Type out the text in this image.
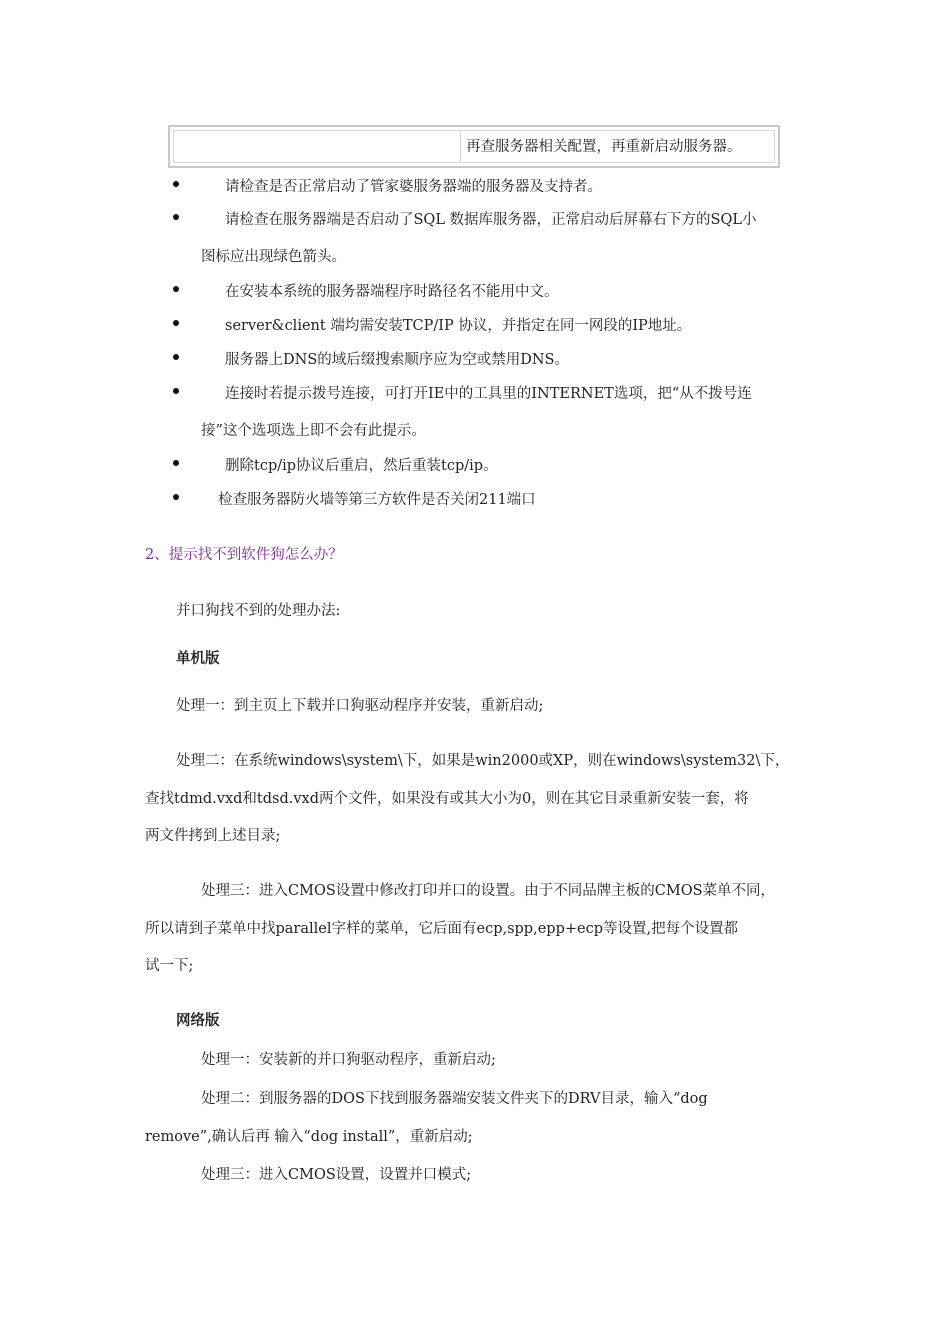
再查服务器相关配置，再重新启动服务器。
请检查是否正常启动了管家婆服务器端的服务器及支持者。
请检查在服务器端是否启动了SQL 数据库服务器，正常启动后屏幕右下方的SQL小
图标应出现绿色箭头。
在安装本系统的服务器端程序时路径名不能用中文。
server&client 端均需安装TCP/IP 协议，并指定在同一网段的IP地址。
服务器上DNS的域后缀搜索顺序应为空或禁用DNS。
连接时若提示拨号连接，可打开IE中的工具里的INTERNET选项，把“从不拨号连
接”这个选项选上即不会有此提示。
删除tcp/ip协议后重启，然后重装tcp/ip。
检查服务器防火墙等第三方软件是否关闭211端口
2、提示找不到软件狗怎么办？
并口狗找不到的处理办法:
单机版
处理一：到主页上下载并口狗驱动程序并安装，重新启动;
处理二：在系统windows\system\下，如果是win2000或XP，则在windows\system32\下，
查找tdmd.vxd和tdsd.vxd两个文件，如果没有或其大小为0，则在其它目录重新安装一套，将
两文件拷到上述目录;
处理三：进入CMOS设置中修改打印并口的设置。由于不同品牌主板的CMOS菜单不同，
所以请到子菜单中找parallel字样的菜单，它后面有ecp,spp,epp+ecp等设置,把每个设置都
试一下;
网络版
处理一：安装新的并口狗驱动程序，重新启动;
处理二：到服务器的DOS下找到服务器端安装文件夹下的DRV目录，输入“dog
remove”,确认后再 输入“dog install”，重新启动;
处理三：进入CMOS设置，设置并口模式;
